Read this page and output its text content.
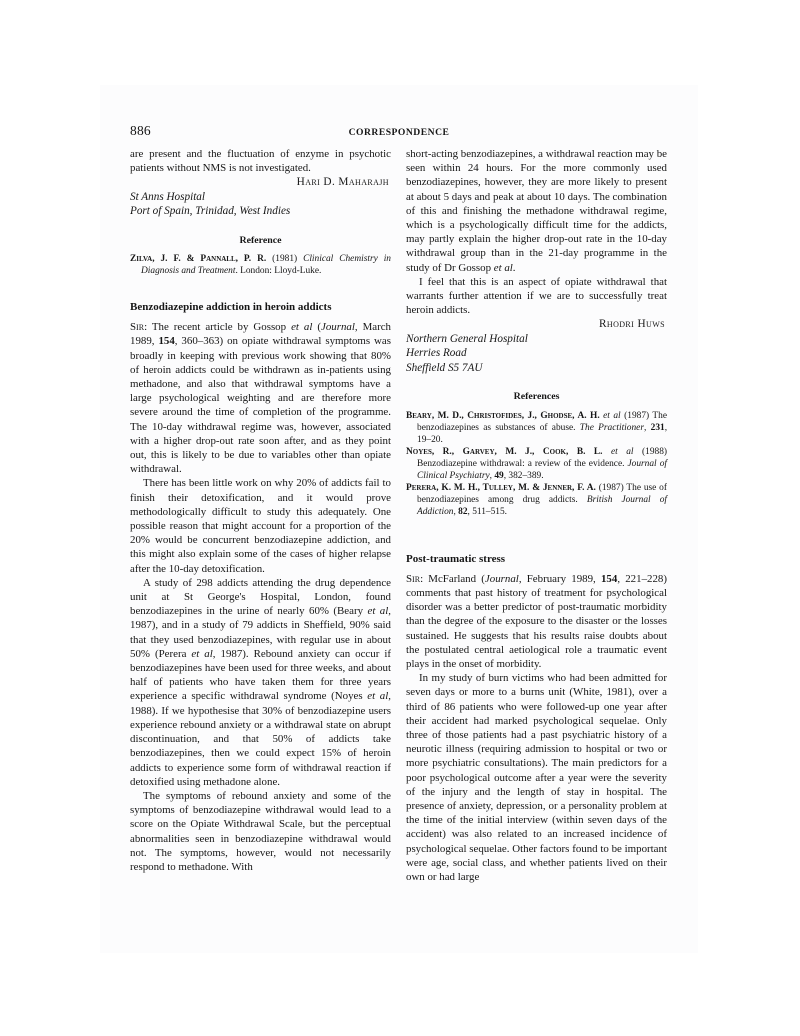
886	CORRESPONDENCE

are present and the fluctuation of enzyme in psychotic patients without NMS is not investigated.

Hari D. Maharajh
St Anns Hospital
Port of Spain, Trinidad, West Indies
Reference

Zilva, J. F. & Pannall, P. R. (1981) Clinical Chemistry in Diagnosis and Treatment. London: Lloyd-Luke.

Benzodiazepine addiction in heroin addicts

Sir: The recent article by Gossop et al (Journal, March 1989, 154, 360–363) on opiate withdrawal symptoms was broadly in keeping with previous work showing that 80% of heroin addicts could be withdrawn as in-patients using methadone, and also that withdrawal symptoms have a large psychological weighting and are therefore more severe around the time of completion of the programme. The 10-day withdrawal regime was, however, associated with a higher drop-out rate soon after, and as they point out, this is likely to be due to variables other than opiate withdrawal.

There has been little work on why 20% of addicts fail to finish their detoxification, and it would prove methodologically difficult to study this adequately. One possible reason that might account for a proportion of the 20% would be concurrent benzodiazepine addiction, and this might also explain some of the cases of higher relapse after the 10-day detoxification.

A study of 298 addicts attending the drug dependence unit at St George's Hospital, London, found benzodiazepines in the urine of nearly 60% (Beary et al, 1987), and in a study of 79 addicts in Sheffield, 90% said that they used benzodiazepines, with regular use in about 50% (Perera et al, 1987). Rebound anxiety can occur if benzodiazepines have been used for three weeks, and about half of patients who have taken them for three years experience a specific withdrawal syndrome (Noyes et al, 1988). If we hypothesise that 30% of benzodiazepine users experience rebound anxiety or a withdrawal state on abrupt discontinuation, and that 50% of addicts take benzodiazepines, then we could expect 15% of heroin addicts to experience some form of withdrawal reaction if detoxified using methadone alone.

The symptoms of rebound anxiety and some of the symptoms of benzodiazepine withdrawal would lead to a score on the Opiate Withdrawal Scale, but the perceptual abnormalities seen in benzodiazepine withdrawal would not. The symptoms, however, would not necessarily respond to methadone. With

short-acting benzodiazepines, a withdrawal reaction may be seen within 24 hours. For the more commonly used benzodiazepines, however, they are more likely to present at about 5 days and peak at about 10 days. The combination of this and finishing the methadone withdrawal regime, which is a psychologically difficult time for the addicts, may partly explain the higher drop-out rate in the 10-day withdrawal group than in the 21-day programme in the study of Dr Gossop et al.

I feel that this is an aspect of opiate withdrawal that warrants further attention if we are to successfully treat heroin addicts.

Rhodri Huws
Northern General Hospital
Herries Road
Sheffield S5 7AU
References

Beary, M. D., Christofides, J., Ghodse, A. H. et al (1987) The benzodiazepines as substances of abuse. The Practitioner, 231, 19–20.

Noyes, R., Garvey, M. J., Cook, B. L. et al (1988) Benzodiazepine withdrawal: a review of the evidence. Journal of Clinical Psychiatry, 49, 382–389.

Perera, K. M. H., Tulley, M. & Jenner, F. A. (1987) The use of benzodiazepines among drug addicts. British Journal of Addiction, 82, 511–515.

Post-traumatic stress

Sir: McFarland (Journal, February 1989, 154, 221–228) comments that past history of treatment for psychological disorder was a better predictor of post-traumatic morbidity than the degree of the exposure to the disaster or the losses sustained. He suggests that his results raise doubts about the postulated central aetiological role a traumatic event plays in the onset of morbidity.

In my study of burn victims who had been admitted for seven days or more to a burns unit (White, 1981), over a third of 86 patients who were followed-up one year after their accident had marked psychological sequelae. Only three of those patients had a past psychiatric history of a neurotic illness (requiring admission to hospital or two or more psychiatric consultations). The main predictors for a poor psychological outcome after a year were the severity of the injury and the length of stay in hospital. The presence of anxiety, depression, or a personality problem at the time of the initial interview (within seven days of the accident) was also related to an increased incidence of psychological sequelae. Other factors found to be important were age, social class, and whether patients lived on their own or had large
